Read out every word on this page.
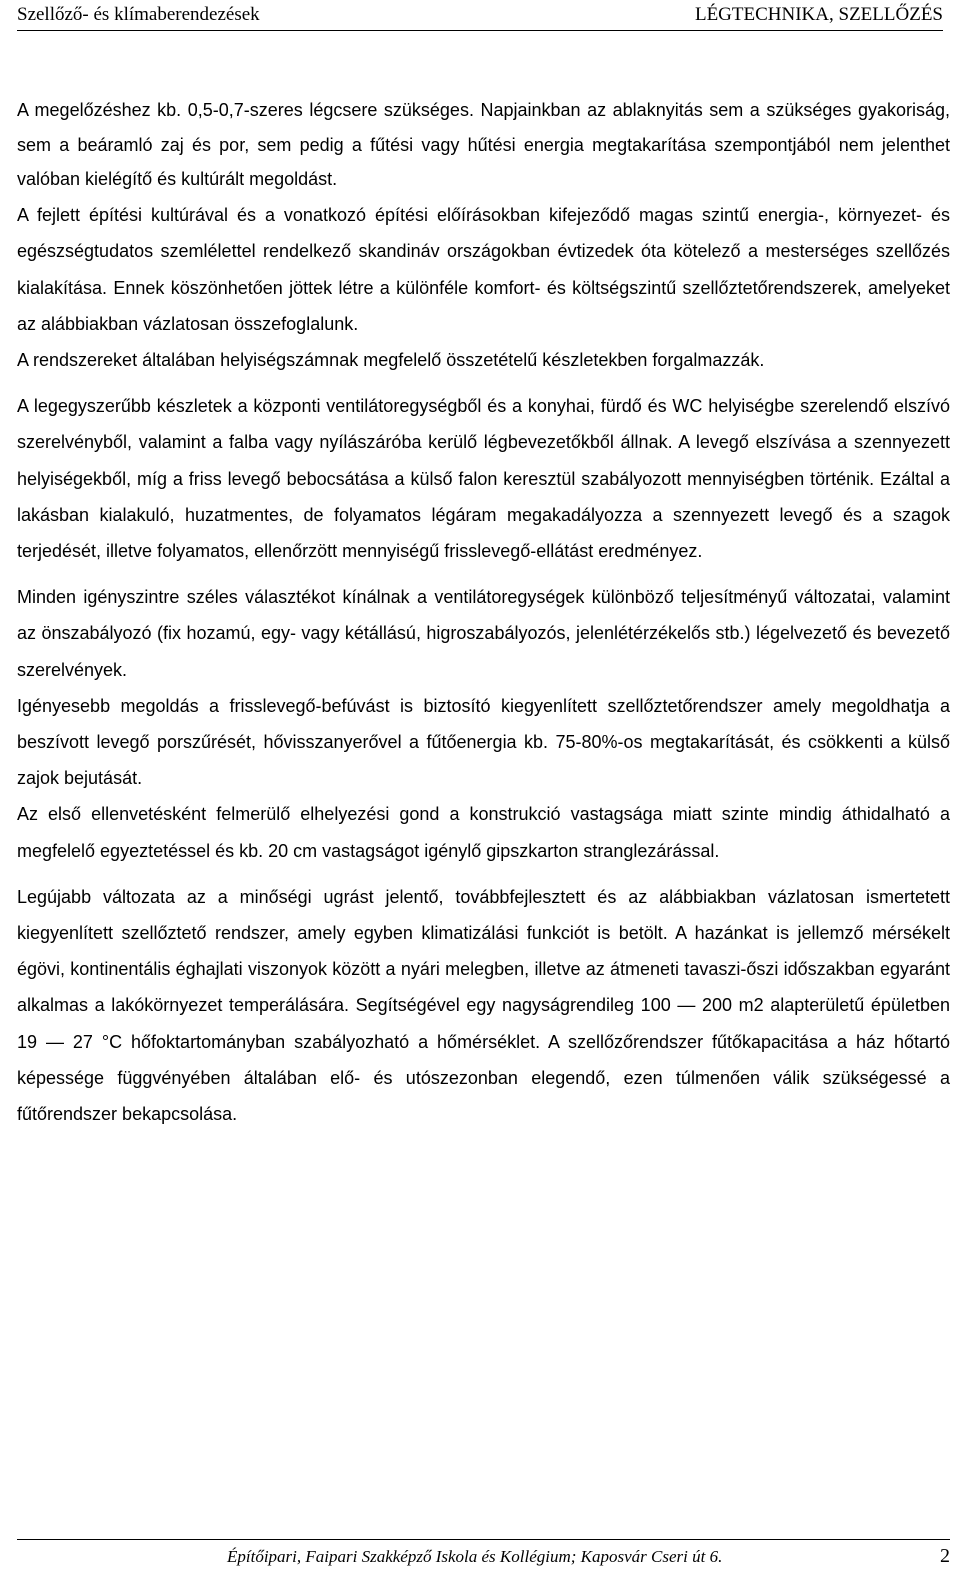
Szellőző- és klímaberendezések	LÉGTECHNIKA, SZELLŐZÉS

A megelőzéshez kb. 0,5-0,7-szeres légcsere szükséges. Napjainkban az ablaknyitás sem a szükséges gyakoriság, sem a beáramló zaj és por, sem pedig a fűtési vagy hűtési energia megtakarítása szempontjából nem jelenthet valóban kielégítő és kultúrált megoldást.

A fejlett építési kultúrával és a vonatkozó építési előírásokban kifejeződő magas szintű energia-, környezet- és egészségtudatos szemlélettel rendelkező skandináv országokban évtizedek óta kötelező a mesterséges szellőzés kialakítása. Ennek köszönhetően jöttek létre a különféle komfort- és költségszintű szellőztetőrendszerek, amelyeket az alábbiakban vázlatosan összefoglalunk.

A rendszereket általában helyiségszámnak megfelelő összetételű készletekben forgalmazzák.

A legegyszerűbb készletek a központi ventilátoregységből és a konyhai, fürdő és WC helyiségbe szerelendő elszívó szerelvényből, valamint a falba vagy nyílászáróba kerülő légbevezetőkből állnak. A levegő elszívása a szennyezett helyiségekből, míg a friss levegő bebocsátása a külső falon keresztül szabályozott mennyiségben történik. Ezáltal a lakásban kialakuló, huzatmentes, de folyamatos légáram megakadályozza a szennyezett levegő és a szagok terjedését, illetve folyamatos, ellenőrzött mennyiségű frisslevegő-ellátást eredményez.

Minden igényszintre széles választékot kínálnak a ventilátoregységek különböző teljesítményű változatai, valamint az önszabályozó (fix hozamú, egy- vagy kétállású, higroszabályozós, jelenlétérzékelős stb.) légelvezető és bevezető szerelvények.

Igényesebb megoldás a frisslevegő-befúvást is biztosító kiegyenlített szellőztetőrendszer amely megoldhatja a beszívott levegő porszűrését, hővisszanyerővel a fűtőenergia kb. 75-80%-os megtakarítását, és csökkenti a külső zajok bejutását.

Az első ellenvetésként felmerülő elhelyezési gond a konstrukció vastagsága miatt szinte mindig áthidalható a megfelelő egyeztetéssel és kb. 20 cm vastagságot igénylő gipszkarton stranglezárással.

Legújabb változata az a minőségi ugrást jelentő, továbbfejlesztett és az alábbiakban vázlatosan ismertetett kiegyenlített szellőztető rendszer, amely egyben klimatizálási funkciót is betölt. A hazánkat is jellemző mérsékelt égövi, kontinentális éghajlati viszonyok között a nyári melegben, illetve az átmeneti tavaszi-őszi időszakban egyaránt alkalmas a lakókörnyezet temperálására. Segítségével egy nagyságrendileg 100 — 200 m2 alapterületű épületben 19 — 27 °C hőfoktartományban szabályozható a hőmérséklet. A szellőzőrendszer fűtőkapacitása a ház hőtartó képessége függvényében általában elő- és utószezonban elegendő, ezen túlmenően válik szükségessé a fűtőrendszer bekapcsolása.

Építőipari, Faipari Szakképző Iskola és Kollégium; Kaposvár Cseri út 6.	2
